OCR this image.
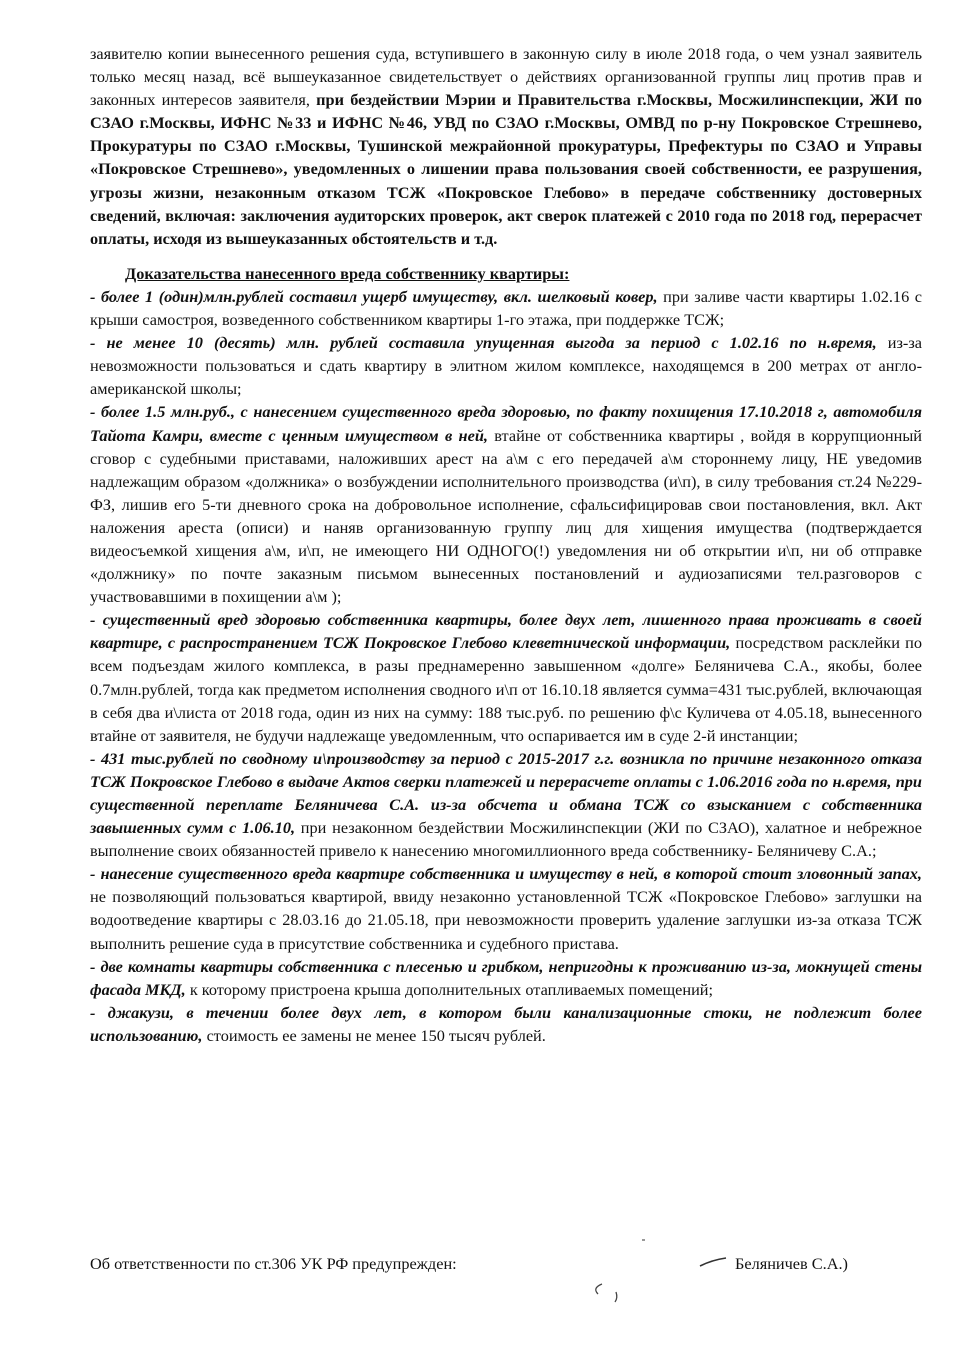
заявителю копии вынесенного решения суда, вступившего в законную силу в июле 2018 года, о чем узнал заявитель только месяц назад, всё вышеуказанное свидетельствует о действиях организованной группы лиц против прав и законных интересов заявителя, при бездействии Мэрии и Правительства г.Москвы, Мосжилинспекции, ЖИ по СЗАО г.Москвы, ИФНС №33 и ИФНС №46, УВД по СЗАО г.Москвы, ОМВД по р-ну Покровское Стрешнево, Прокуратуры по СЗАО г.Москвы, Тушинской межрайонной прокуратуры, Префектуры по СЗАО и Управы «Покровское Стрешнево», уведомленных о лишении права пользования своей собственности, ее разрушения, угрозы жизни, незаконным отказом ТСЖ «Покровское Глебово» в передаче собственнику достоверных сведений, включая: заключения аудиторских проверок, акт сверок платежей с 2010 года по 2018 год, перерасчет оплаты, исходя из вышеуказанных обстоятельств и т.д.

Доказательства нанесенного вреда собственнику квартиры:

- более 1 (один)млн.рублей составил ущерб имуществу, вкл. шелковый ковер, при заливе части квартиры 1.02.16 с крыши самостроя, возведенного собственником квартиры 1-го этажа, при поддержке ТСЖ;

- не менее 10 (десять) млн. рублей составила упущенная выгода за период с 1.02.16 по н.время, из-за невозможности пользоваться и сдать квартиру в элитном жилом комплексе, находящемся в 200 метрах от англо-американской школы;

- более 1.5 млн.руб., с нанесением существенного вреда здоровью, по факту похищения 17.10.2018 г, автомобиля Тайота Камри, вместе с ценным имуществом в ней, втайне от собственника квартиры , войдя в коррупционный сговор с судебными приставами, наложивших арест на а\м с его передачей а\м стороннему лицу, НЕ уведомив надлежащим образом «должника» о возбуждении исполнительного производства (и\п), в силу требования ст.24 №229-ФЗ, лишив его 5-ти дневного срока на добровольное исполнение, сфальсифицировав свои постановления, вкл. Акт наложения ареста (описи) и наняв организованную группу лиц для хищения имущества (подтверждается видеосъемкой хищения а\м, и\п, не имеющего НИ ОДНОГО(!) уведомления ни об открытии и\п, ни об отправке «должнику» по почте заказным письмом вынесенных постановлений и аудиозаписями тел.разговоров с участвовавшими в похищении а\м );

- существенный вред здоровью собственника квартиры, более двух лет, лишенного права проживать в своей квартире, с распространением ТСЖ Покровское Глебово клеветнической информации, посредством расклейки по всем подъездам жилого комплекса, в разы преднамеренно завышенном «долге» Беляничева С.А., якобы, более 0.7млн.рублей, тогда как предметом исполнения сводного и\п от 16.10.18 является сумма=431 тыс.рублей, включающая в себя два и\листа от 2018 года, один из них на сумму: 188 тыс.руб. по решению ф\с Куличева от 4.05.18, вынесенного втайне от заявителя, не будучи надлежаще уведомленным, что оспаривается им в суде 2-й инстанции;

- 431 тыс.рублей по сводному и\производству за период с 2015-2017 г.г. возникла по причине незаконного отказа ТСЖ Покровское Глебово в выдаче Актов сверки платежей и перерасчете оплаты с 1.06.2016 года по н.время, при существенной переплате Беляничева С.А. из-за обсчета и обмана ТСЖ со взысканием с собственника завышенных сумм с 1.06.10, при незаконном бездействии Мосжилинспекции (ЖИ по СЗАО), халатное и небрежное выполнение своих обязанностей привело к нанесению многомиллионного вреда собственнику- Беляничеву С.А.;

- нанесение существенного вреда квартире собственника и имуществу в ней, в которой стоит зловонный запах, не позволяющий пользоваться квартирой, ввиду незаконно установленной ТСЖ «Покровское Глебово» заглушки на водоотведение квартиры с 28.03.16 до 21.05.18, при невозможности проверить удаление заглушки из-за отказа ТСЖ выполнить решение суда в присутствие собственника и судебного пристава.

- две комнаты квартиры собственника с плесенью и грибком, непригодны к проживанию из-за, мокнущей стены фасада МКД, к которому пристроена крыша дополнительных отапливаемых помещений;

- джакузи, в течении более двух лет, в котором были канализационные стоки, не подлежит более использованию, стоимость ее замены не менее 150 тысяч рублей.

Об ответственности по ст.306 УК РФ предупрежден:	Беляничев С.А.)
